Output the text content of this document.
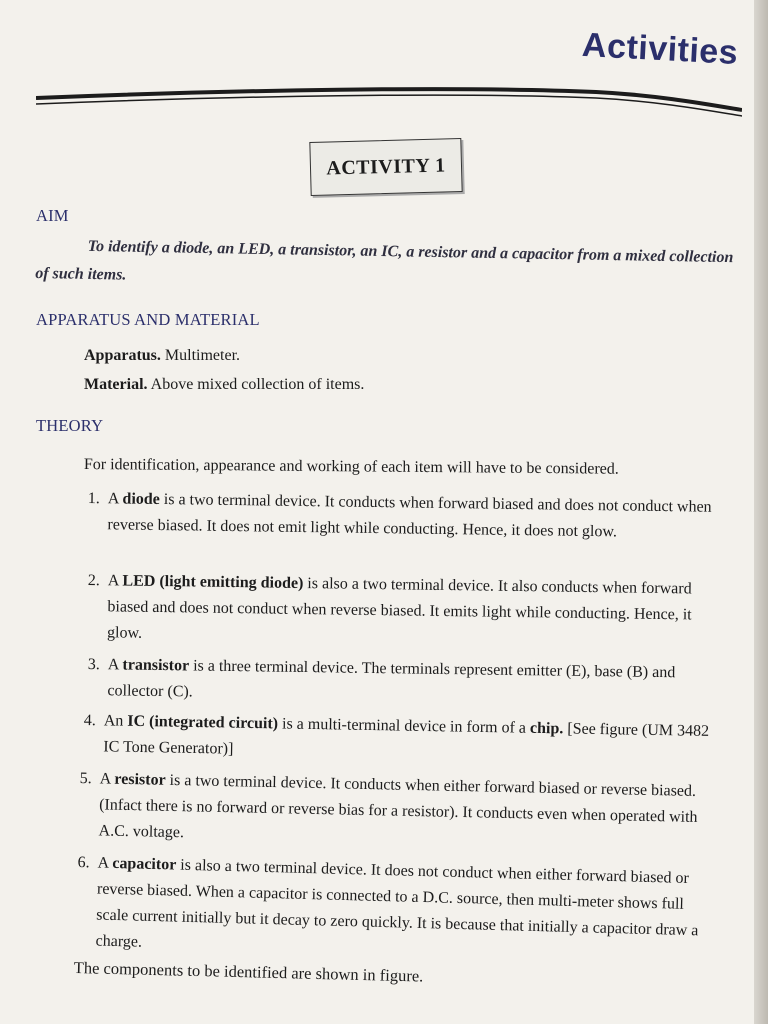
Activities
ACTIVITY 1
AIM
To identify a diode, an LED, a transistor, an IC, a resistor and a capacitor from a mixed collection of such items.
APPARATUS AND MATERIAL
Apparatus. Multimeter.
Material. Above mixed collection of items.
THEORY
For identification, appearance and working of each item will have to be considered.
1. A diode is a two terminal device. It conducts when forward biased and does not conduct when reverse biased. It does not emit light while conducting. Hence, it does not glow.
2. A LED (light emitting diode) is also a two terminal device. It also conducts when forward biased and does not conduct when reverse biased. It emits light while conducting. Hence, it glow.
3. A transistor is a three terminal device. The terminals represent emitter (E), base (B) and collector (C).
4. An IC (integrated circuit) is a multi-terminal device in form of a chip. [See figure (UM 3482 IC Tone Generator)]
5. A resistor is a two terminal device. It conducts when either forward biased or reverse biased. (Infact there is no forward or reverse bias for a resistor). It conducts even when operated with A.C. voltage.
6. A capacitor is also a two terminal device. It does not conduct when either forward biased or reverse biased. When a capacitor is connected to a D.C. source, then multi-meter shows full scale current initially but it decay to zero quickly. It is because that initially a capacitor draw a charge.
The components to be identified are shown in figure.
